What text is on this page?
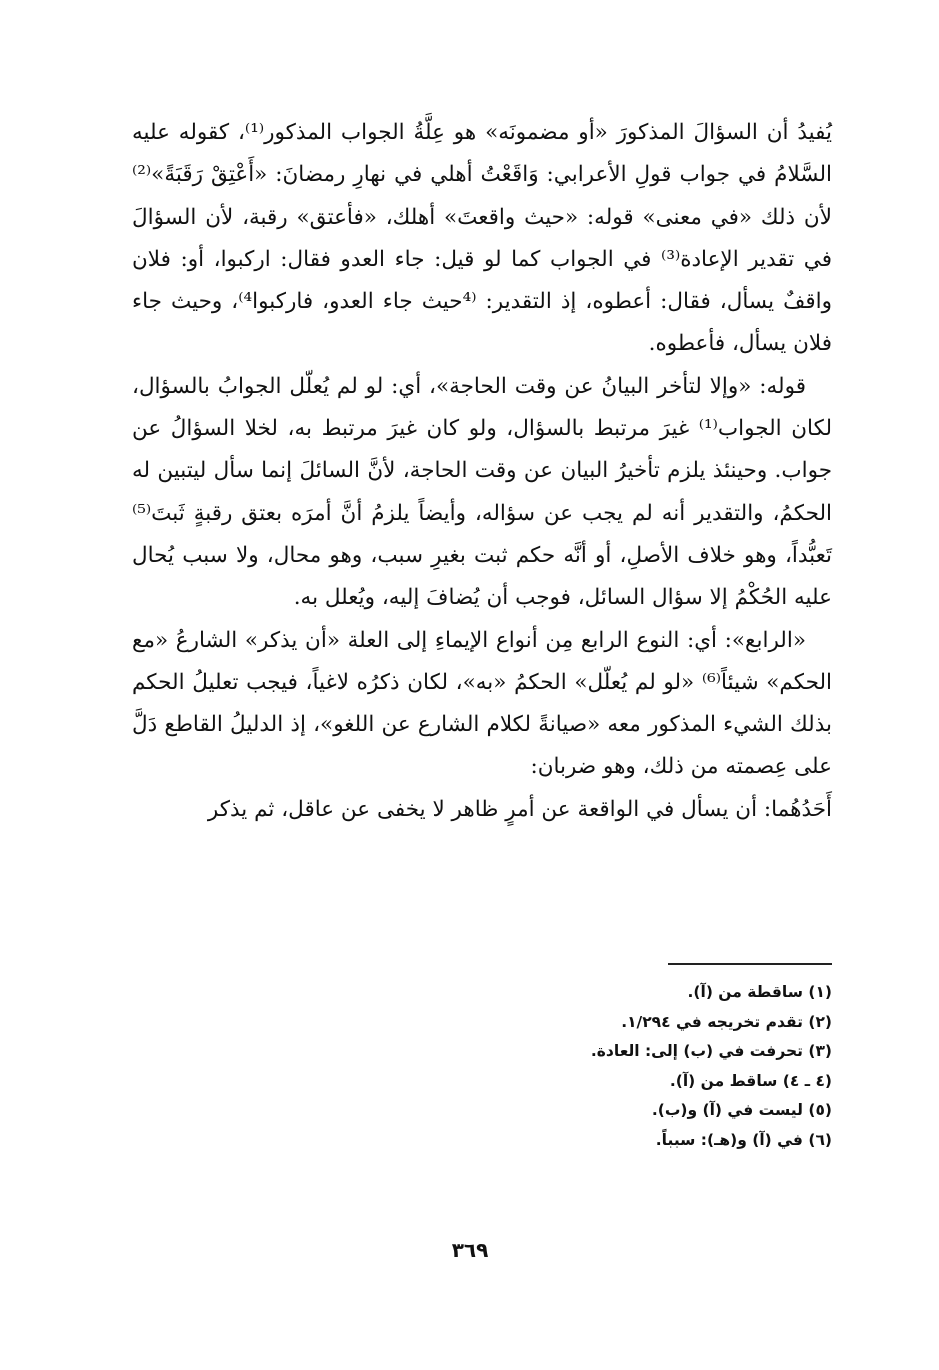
يُفيدُ أن السؤالَ المذكورَ «أو مضمونَه» هو عِلَّةُ الجواب المذكور⁽¹⁾، كقوله عليه السَّلامُ في جواب قولِ الأعرابي: وَاقَعْتُ أهلي في نهارِ رمضانَ: «أَعْتِقْ رَقَبَةً»⁽²⁾ لأن ذلك «في معنى» قوله: «حيث واقعتَ» أهلك، «فأعتق» رقبة، لأن السؤالَ في تقدير الإعادة⁽³⁾ في الجواب كما لو قيل: جاء العدو فقال: اركبوا، أو: فلان واقفٌ يسأل، فقال: أعطوه، إذ التقدير: ⁽⁴حيث جاء العدو، فاركبوا⁴⁾، وحيث جاء فلان يسأل، فأعطوه.

قوله: «وإلا لتأخر البيانُ عن وقت الحاجة»، أي: لو لم يُعلّل الجوابُ بالسؤال، لكان الجواب⁽¹⁾ غيرَ مرتبط بالسؤال، ولو كان غيرَ مرتبط به، لخلا السؤالُ عن جواب. وحينئذ يلزم تأخيرُ البيان عن وقت الحاجة، لأنَّ السائلَ إنما سأل ليتبين له الحكمُ، والتقدير أنه لم يجب عن سؤاله، وأيضاً يلزمُ أنَّ أمرَه بعتق رقبةٍ ثَبتَ⁽⁵⁾ تَعبُّداً، وهو خلاف الأصلِ، أو أنَّه حكم ثبت بغيرِ سبب، وهو محال، ولا سبب يُحال عليه الحُكْمُ إلا سؤال السائل، فوجب أن يُضافَ إليه، ويُعلل به.

«الرابع»: أي: النوع الرابع مِن أنواع الإيماءِ إلى العلة «أن يذكر» الشارعُ «مع الحكم» شيئاً⁽⁶⁾ «لو لم يُعلّل» الحكمُ «به»، لكان ذكرُه لاغياً، فيجب تعليلُ الحكم بذلك الشيء المذكور معه «صيانةً لكلام الشارع عن اللغو»، إذ الدليلُ القاطع دَلَّ على عِصمته من ذلك، وهو ضربان:

أَحَدُهُما: أن يسأل في الواقعة عن أمرٍ ظاهر لا يخفى عن عاقل، ثم يذكر

(١) ساقطة من (آ).
(٢) تقدم تخريجه في ١/٢٩٤.
(٣) تحرفت في (ب) إلى: العادة.
(٤ ـ ٤) ساقط من (آ).
(٥) ليست في (آ) و(ب).
(٦) في (آ) و(هـ): سبباً.
٣٦٩
